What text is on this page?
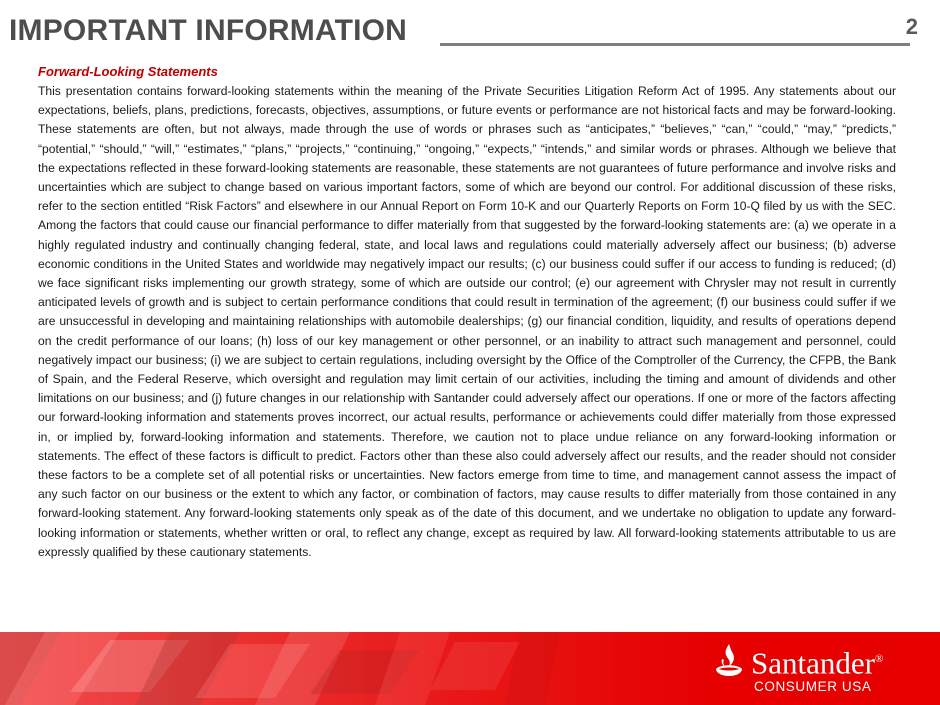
IMPORTANT INFORMATION	2
Forward-Looking Statements

This presentation contains forward-looking statements within the meaning of the Private Securities Litigation Reform Act of 1995. Any statements about our expectations, beliefs, plans, predictions, forecasts, objectives, assumptions, or future events or performance are not historical facts and may be forward-looking. These statements are often, but not always, made through the use of words or phrases such as “anticipates,” “believes,” “can,” “could,” “may,” “predicts,” “potential,” “should,” “will,” “estimates,” “plans,” “projects,” “continuing,” “ongoing,” “expects,” “intends,” and similar words or phrases. Although we believe that the expectations reflected in these forward-looking statements are reasonable, these statements are not guarantees of future performance and involve risks and uncertainties which are subject to change based on various important factors, some of which are beyond our control. For additional discussion of these risks, refer to the section entitled “Risk Factors” and elsewhere in our Annual Report on Form 10-K and our Quarterly Reports on Form 10-Q filed by us with the SEC. Among the factors that could cause our financial performance to differ materially from that suggested by the forward-looking statements are: (a) we operate in a highly regulated industry and continually changing federal, state, and local laws and regulations could materially adversely affect our business; (b) adverse economic conditions in the United States and worldwide may negatively impact our results; (c) our business could suffer if our access to funding is reduced; (d) we face significant risks implementing our growth strategy, some of which are outside our control; (e) our agreement with Chrysler may not result in currently anticipated levels of growth and is subject to certain performance conditions that could result in termination of the agreement; (f) our business could suffer if we are unsuccessful in developing and maintaining relationships with automobile dealerships; (g) our financial condition, liquidity, and results of operations depend on the credit performance of our loans; (h) loss of our key management or other personnel, or an inability to attract such management and personnel, could negatively impact our business; (i) we are subject to certain regulations, including oversight by the Office of the Comptroller of the Currency, the CFPB, the Bank of Spain, and the Federal Reserve, which oversight and regulation may limit certain of our activities, including the timing and amount of dividends and other limitations on our business; and (j) future changes in our relationship with Santander could adversely affect our operations. If one or more of the factors affecting our forward-looking information and statements proves incorrect, our actual results, performance or achievements could differ materially from those expressed in, or implied by, forward-looking information and statements. Therefore, we caution not to place undue reliance on any forward-looking information or statements. The effect of these factors is difficult to predict. Factors other than these also could adversely affect our results, and the reader should not consider these factors to be a complete set of all potential risks or uncertainties. New factors emerge from time to time, and management cannot assess the impact of any such factor on our business or the extent to which any factor, or combination of factors, may cause results to differ materially from those contained in any forward-looking statement. Any forward-looking statements only speak as of the date of this document, and we undertake no obligation to update any forward-looking information or statements, whether written or oral, to reflect any change, except as required by law. All forward-looking statements attributable to us are expressly qualified by these cautionary statements.

Santander®
CONSUMER USA
